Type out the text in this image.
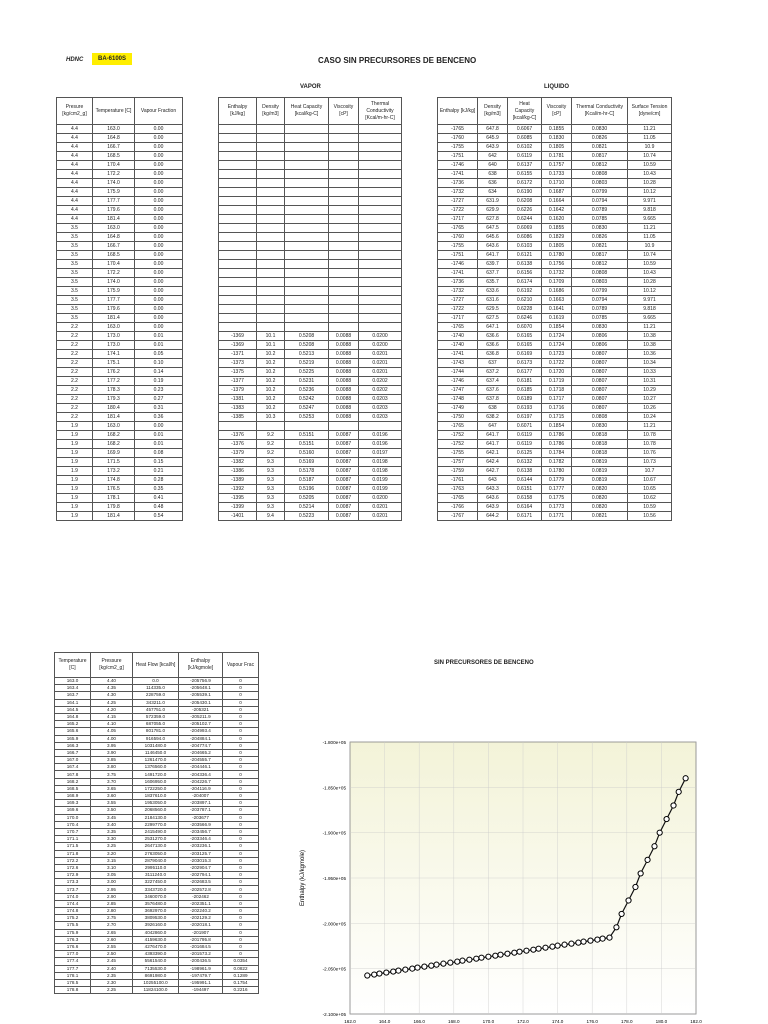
HDNC	BA-6100S	CASO SIN PRECURSORES DE BENCENO
VAPOR	LIQUIDO
Presure [kg/cm2_g]	Temperature [C]	Vapour Fraction
4.4	163.0	0.00
4.4	164.8	0.00
4.4	166.7	0.00
4.4	168.5	0.00
4.4	170.4	0.00
4.4	172.2	0.00
4.4	174.0	0.00
4.4	175.9	0.00
4.4	177.7	0.00
4.4	179.6	0.00
4.4	181.4	0.00
3.5	163.0	0.00
3.5	164.8	0.00
3.5	166.7	0.00
3.5	168.5	0.00
3.5	170.4	0.00
3.5	172.2	0.00
3.5	174.0	0.00
3.5	175.9	0.00
3.5	177.7	0.00
3.5	179.6	0.00
3.5	181.4	0.00
2.2	163.0	0.00
2.2	173.0	0.01
2.2	173.0	0.01
2.2	174.1	0.05
2.2	175.1	0.10
2.2	176.2	0.14
2.2	177.2	0.19
2.2	178.3	0.23
2.2	179.3	0.27
2.2	180.4	0.31
2.2	181.4	0.36
1.9	163.0	0.00
1.9	168.2	0.01
1.9	168.2	0.01
1.9	169.9	0.08
1.9	171.5	0.15
1.9	173.2	0.21
1.9	174.8	0.28
1.9	176.5	0.35
1.9	178.1	0.41
1.9	179.8	0.48
1.9	181.4	0.54
Enthalpy [kJ/kg]	Density [kg/m3]	Heat Capacity [kcal/kg-C]	Viscosity [cP]	Thermal Conductivity [Kcal/m-hr-C]

-1369	10.1	0.5208	0.0088	0.0200
-1369	10.1	0.5208	0.0088	0.0200
-1371	10.2	0.5213	0.0088	0.0201
-1373	10.2	0.5219	0.0088	0.0201
-1375	10.2	0.5225	0.0088	0.0201
-1377	10.2	0.5231	0.0088	0.0202
-1379	10.2	0.5236	0.0088	0.0202
-1381	10.2	0.5242	0.0088	0.0203
-1383	10.2	0.5247	0.0088	0.0203
-1385	10.3	0.5253	0.0088	0.0203

-1376	9.2	0.5151	0.0087	0.0196
-1376	9.2	0.5151	0.0087	0.0196
-1379	9.2	0.5160	0.0087	0.0197
-1382	9.3	0.5169	0.0087	0.0198
-1386	9.3	0.5178	0.0087	0.0198
-1389	9.3	0.5187	0.0087	0.0199
-1392	9.3	0.5196	0.0087	0.0199
-1395	9.3	0.5205	0.0087	0.0200
-1399	9.3	0.5214	0.0087	0.0201
-1401	9.4	0.5223	0.0087	0.0201
Enthalpy [kJ/kg]	Density [kg/m3]	Heat Capacity [kcal/kg-C]	Viscosity [cP]	Thermal Conductivity [Kcal/m-hr-C]	Surface Tension [dyne/cm]
-1765	647.8	0.6067	0.1855	0.0830	11.21
-1760	645.9	0.6085	0.1830	0.0826	11.05
-1755	643.9	0.6102	0.1805	0.0821	10.9
-1751	642	0.6119	0.1781	0.0817	10.74
-1746	640	0.6137	0.1757	0.0812	10.59
-1741	638	0.6155	0.1733	0.0808	10.43
-1736	636	0.6172	0.1710	0.0803	10.28
-1732	634	0.6190	0.1687	0.0799	10.12
-1727	631.9	0.6208	0.1664	0.0794	9.971
-1722	629.9	0.6226	0.1642	0.0789	9.818
-1717	627.8	0.6244	0.1620	0.0785	9.665
-1765	647.5	0.6069	0.1855	0.0830	11.21
-1760	645.6	0.6086	0.1829	0.0826	11.05
-1755	643.6	0.6103	0.1805	0.0821	10.9
-1751	641.7	0.6121	0.1780	0.0817	10.74
-1746	639.7	0.6138	0.1756	0.0812	10.59
-1741	637.7	0.6156	0.1732	0.0808	10.43
-1736	635.7	0.6174	0.1709	0.0803	10.28
-1732	633.6	0.6192	0.1686	0.0799	10.12
-1727	631.6	0.6210	0.1663	0.0794	9.971
-1722	629.5	0.6228	0.1641	0.0789	9.818
-1717	627.5	0.6246	0.1619	0.0785	9.665
-1765	647.1	0.6070	0.1854	0.0830	11.21
-1740	636.6	0.6165	0.1724	0.0806	10.38
-1740	636.6	0.6165	0.1724	0.0806	10.38
-1741	636.8	0.6169	0.1723	0.0807	10.36
-1743	637	0.6173	0.1722	0.0807	10.34
-1744	637.2	0.6177	0.1720	0.0807	10.33
-1746	637.4	0.6181	0.1719	0.0807	10.31
-1747	637.6	0.6185	0.1718	0.0807	10.29
-1748	637.8	0.6189	0.1717	0.0807	10.27
-1749	638	0.6193	0.1716	0.0807	10.26
-1750	638.2	0.6197	0.1715	0.0808	10.24
-1765	647	0.6071	0.1854	0.0830	11.21
-1752	641.7	0.6119	0.1786	0.0818	10.78
-1752	641.7	0.6119	0.1786	0.0818	10.78
-1755	642.1	0.6125	0.1784	0.0818	10.76
-1757	642.4	0.6132	0.1782	0.0819	10.73
-1759	642.7	0.6138	0.1780	0.0819	10.7
-1761	643	0.6144	0.1779	0.0819	10.67
-1763	643.3	0.6151	0.1777	0.0820	10.65
-1765	643.6	0.6158	0.1775	0.0820	10.62
-1766	643.9	0.6164	0.1773	0.0820	10.59
-1767	644.2	0.6171	0.1771	0.0821	10.56
Temperature [C]	Pressure [kg/cm2_g]	Heat Flow [kcal/h]	Enthalpy [kJ/kgmole]	Vapour Frac
163.0	4.40	0.0	-205756.9	0
163.4	4.35	114335.0	-205648.1	0
163.7	4.30	228759.0	-205539.1	0
164.1	4.25	343211.0	-205430.1	0
164.5	4.20	457751.0	-205321	0
164.8	4.15	572359.0	-205211.9	0
165.2	4.10	687055.0	-205102.7	0
165.6	4.05	801781.0	-204993.4	0
165.9	4.00	916594.0	-204884.1	0
166.3	3.95	1031480.0	-204774.7	0
166.7	3.90	1146450.0	-204665.2	0
167.0	3.85	1261470.0	-204555.7	0
167.4	3.80	1376560.0	-204446.1	0
167.8	3.75	1491720.0	-204336.4	0
168.2	3.70	1606950.0	-204226.7	0
168.5	3.65	1722250.0	-204116.9	0
168.9	3.60	1837610.0	-204007	0
169.3	3.55	1953050.0	-203897.1	0
169.6	3.50	2068560.0	-203787.1	0
170.0	3.45	2184130.0	-203677	0
170.4	3.40	2299770.0	-203566.9	0
170.7	3.35	2415490.0	-203456.7	0
171.1	3.30	2531270.0	-203346.4	0
171.5	3.25	2647130.0	-203236.1	0
171.8	3.20	2763050.0	-203125.7	0
172.2	3.15	2879040.0	-203015.3	0
172.6	3.10	2995110.0	-202904.7	0
172.9	3.05	3111240.0	-202794.1	0
173.3	3.00	3227450.0	-202683.5	0
173.7	2.95	3343720.0	-202572.8	0
174.0	2.90	3460070.0	-202462	0
174.4	2.85	3576480.0	-202351.1	0
174.8	2.80	3692970.0	-202240.2	0
175.2	2.75	3809530.0	-202129.2	0
175.5	2.70	3926160.0	-202018.1	0
175.9	2.65	4042860.0	-201907	0
176.3	2.60	4159630.0	-201795.8	0
176.6	2.55	4276470.0	-201684.5	0
177.0	2.50	4393390.0	-201573.2	0
177.4	2.45	5561540.0	-200436.5	0.0354
177.7	2.40	7135530.0	-198961.9	0.0822
178.1	2.35	8691980.0	-197479.7	0.1289
178.5	2.30	10255100.0	-195991.1	0.1754
178.8	2.25	11824100.0	-194497	0.2216
SIN PRECURSORES DE BENCENO
-1.800e+05
-1.850e+05
-1.900e+05
-1.950e+05
-2.000e+05
-2.050e+05
-2.100e+05
162.0	164.0	166.0	168.0	170.0	172.0	174.0	176.0	178.0	180.0	182.0
Enthalpy (kJ/kgmole)
